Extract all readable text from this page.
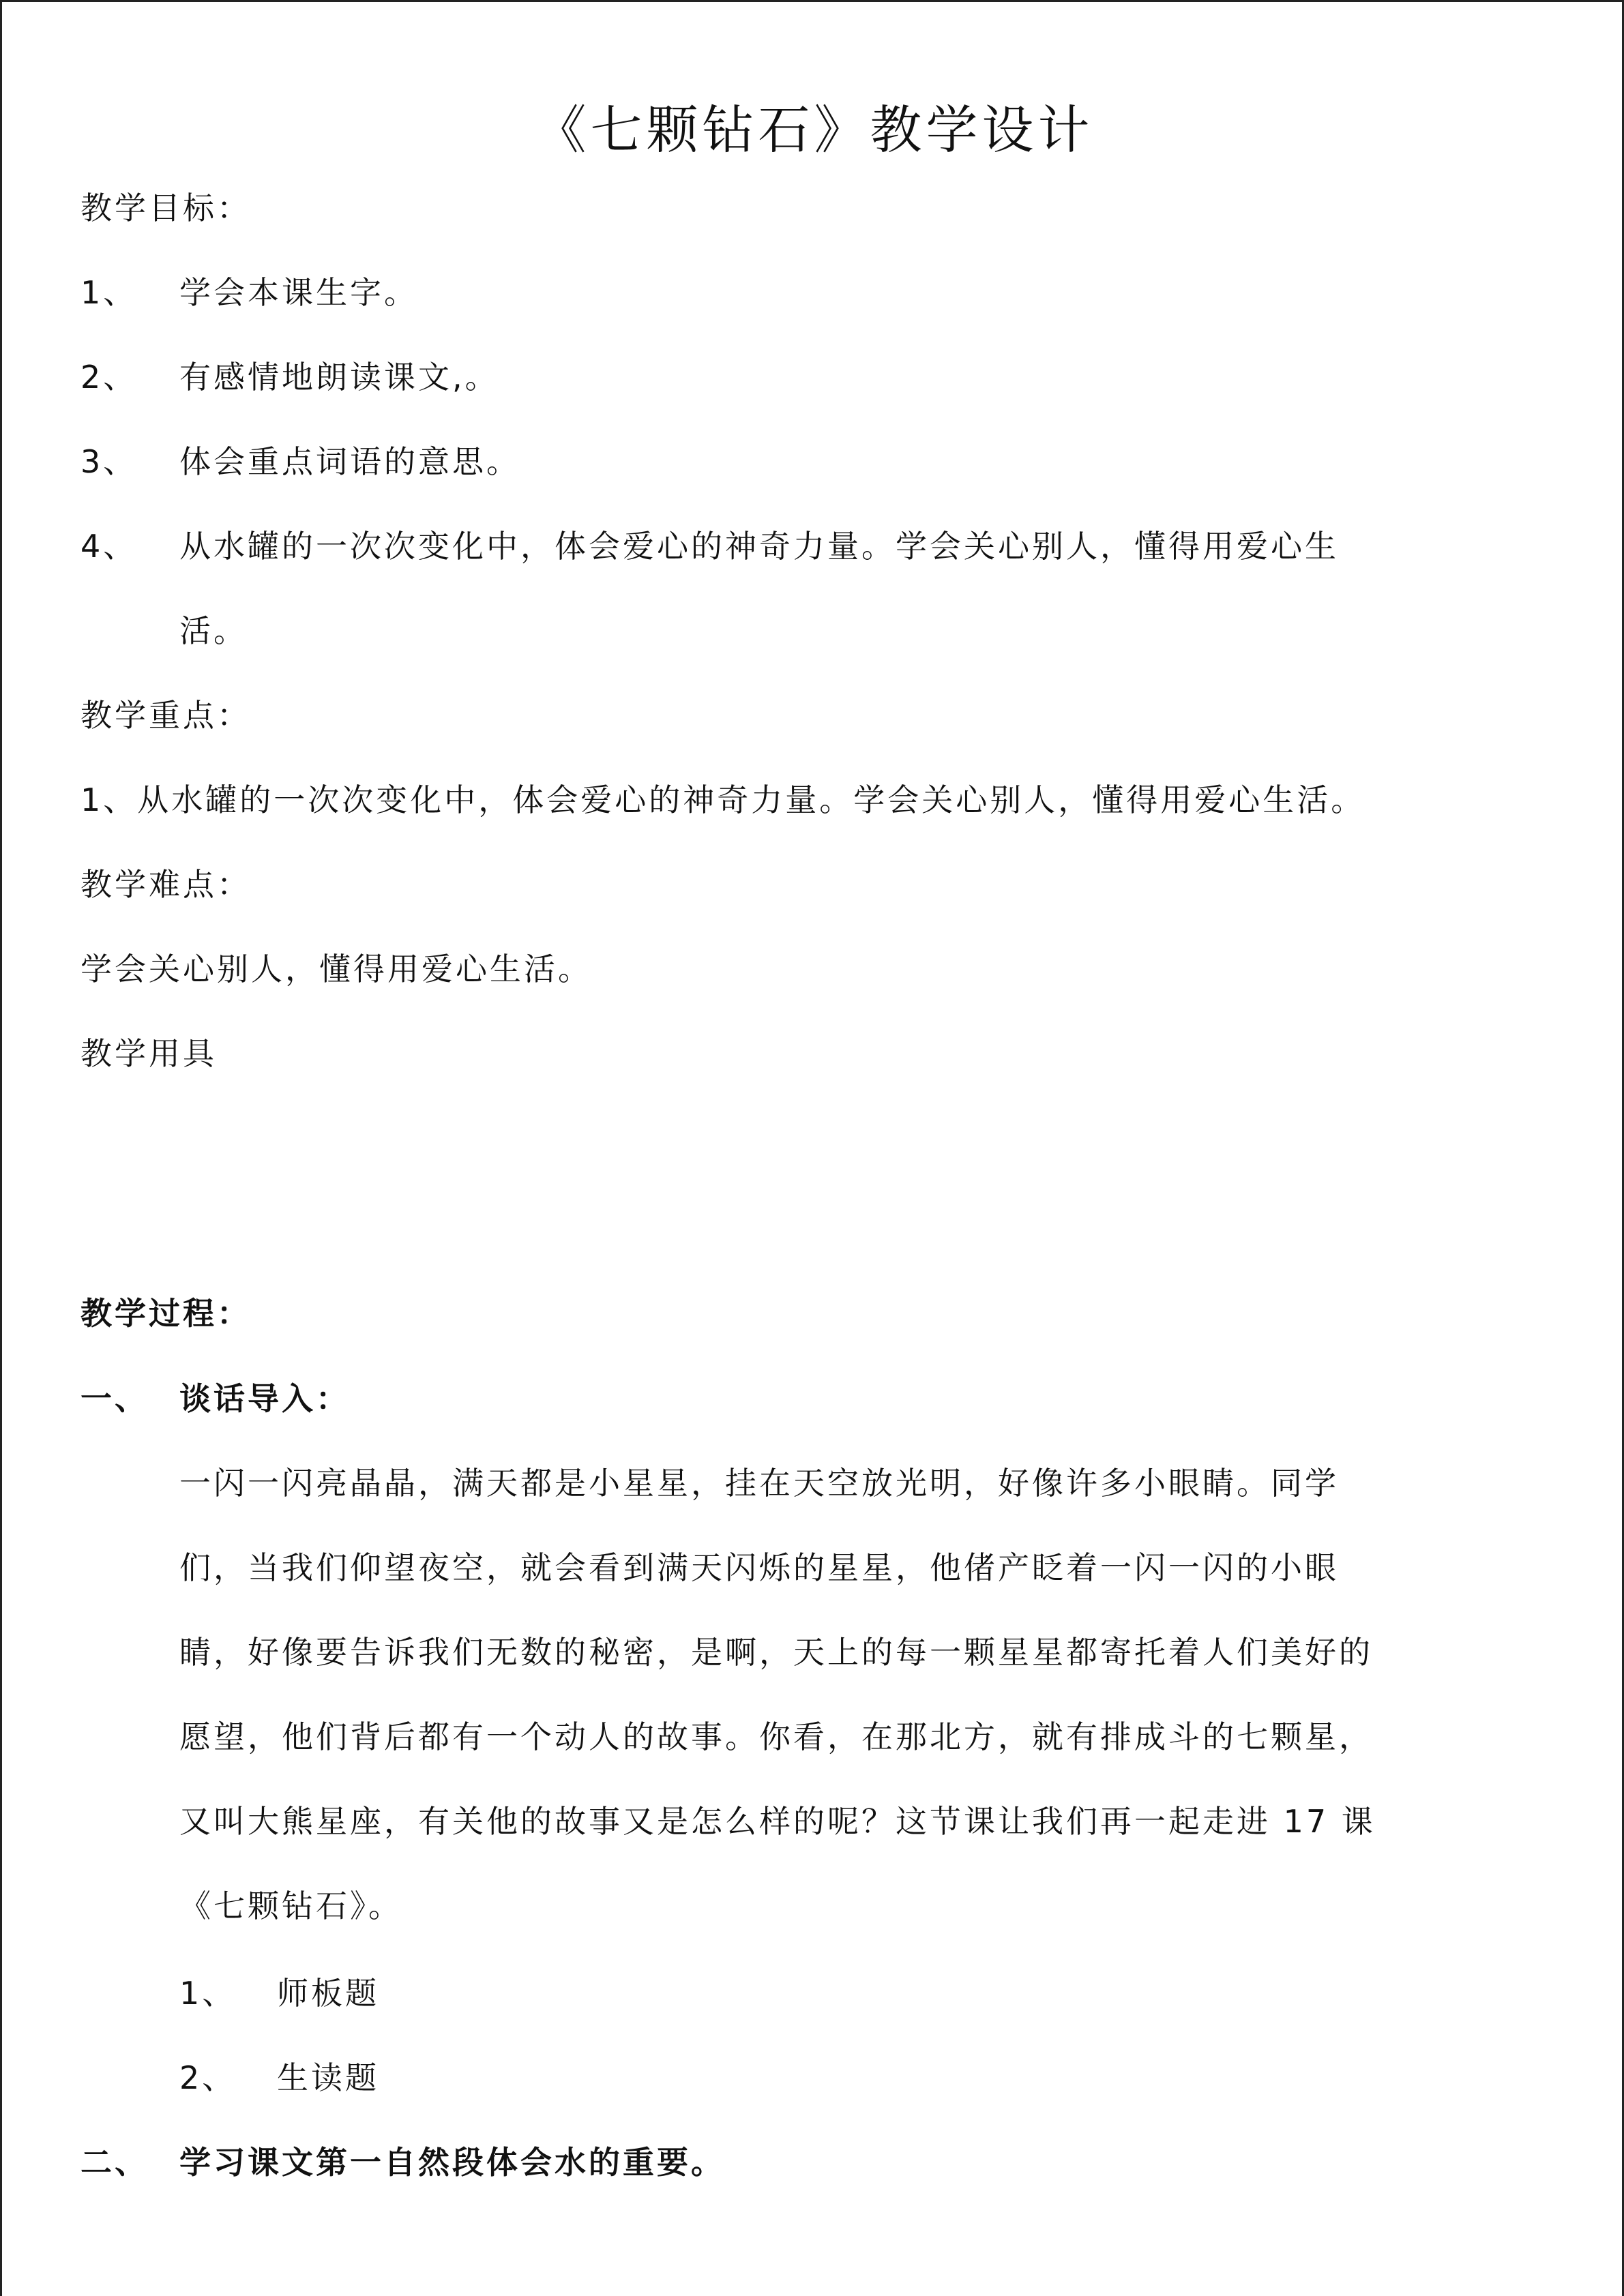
《七颗钻石》教学设计
教学目标：
1、 学会本课生字。
2、 有感情地朗读课文,。
3、 体会重点词语的意思。
4、 从水罐的一次次变化中，体会爱心的神奇力量。学会关心别人，懂得用爱心生
活。
教学重点：
1、从水罐的一次次变化中，体会爱心的神奇力量。学会关心别人，懂得用爱心生活。
教学难点：
学会关心别人，懂得用爱心生活。
教学用具
教学过程：
一、 谈话导入：
一闪一闪亮晶晶，满天都是小星星，挂在天空放光明，好像许多小眼睛。同学
们，当我们仰望夜空，就会看到满天闪烁的星星，他偖产眨着一闪一闪的小眼
睛，好像要告诉我们无数的秘密，是啊，天上的每一颗星星都寄托着人们美好的
愿望，他们背后都有一个动人的故事。你看，在那北方，就有排成斗的七颗星，
又叫大熊星座，有关他的故事又是怎么样的呢？这节课让我们再一起走进 17 课
《七颗钻石》。
1、 师板题
2、 生读题
二、 学习课文第一自然段体会水的重要。
